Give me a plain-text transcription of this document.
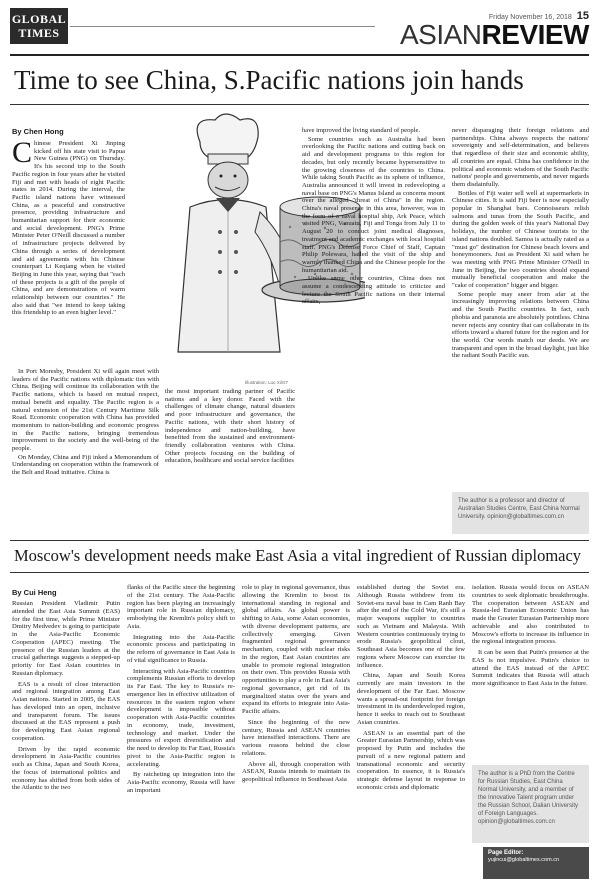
GLOBAL
TIMES
Friday November 16, 2018 15
ASIANREVIEW
Time to see China, S.Pacific nations join hands
By Chen Hong

Chinese President Xi Jinping kicked off his state visit to Papua New Guinea (PNG) on Thursday. It's his second trip to the South Pacific region in four years after he visited Fiji and met with heads of eight Pacific states in 2014. During the interval, the Pacific island nations have witnessed China, as a peaceful and constructive presence, providing infrastructure and humanitarian support for their economic and social development. PNG's Prime Minister Peter O'Neill discussed a number of infrastructure projects delivered by China through a series of development and aid agreements with his Chinese counterpart Li Keqiang when he visited Beijing in June this year, saying that "each of these projects is a gift of the people of China, and are demonstrations of warm relationship between our countries." He also said that "we intend to keep taking this friendship to an even higher level."

In Port Moresby, President Xi will again meet with leaders of the Pacific nations with diplomatic ties with China. Beijing will continue its collaboration with the Pacific nations, which is based on mutual respect, mutual benefit and equality. The Pacific region is a natural extension of the 21st Century Maritime Silk Road. Economic cooperation with China has provided momentum to nation-building and economic progress in the Pacific nations, bringing tremendous improvement to the society and the well-being of the people.

On Monday, China and Fiji inked a Memorandum of Understanding on cooperation within the framework of the Belt and Road initiative. China is

Illustration: Luo Xi/GT

the most important trading partner of Pacific nations and a key donor. Faced with the challenges of climate change, natural disasters and poor infrastructure and governance, the Pacific nations, with their short history of independence and nation-building, have benefited from the sustained and environment-friendly collaboration ventures with China. Other projects focusing on the building of education, healthcare and social service facilities

have improved the living standard of people.

Some countries such as Australia had been overlooking the Pacific nations and cutting back on aid and development programs to this region for decades, but only recently became hypersensitive to the growing closeness of the countries to China. While taking South Pacific as its sphere of influence, Australia announced it will invest in redeveloping a naval base on PNG's Manus Island as concerns mount over the alleged "threat of China" in the region. China's naval presence in this area, however, was in the form of a naval hospital ship, Ark Peace, which visited PNG, Vanuatu, Fiji and Tonga from July 11 to August 20 to conduct joint medical diagnoses, treatment and academic exchanges with local hospital staff. PNG's Defense Force Chief of Staff, Captain Philip Polewara, hailed the visit of the ship and warmly thanked China and the Chinese people for the humanitarian aid.

Unlike some other countries, China does not assume a condescending attitude to criticize and lecture the South Pacific nations on their internal affairs,

never disparaging their foreign relations and partnerships. China always respects the nations' sovereignty and self-determination, and believes that regardless of their size and economic ability, all countries are equal. China has confidence in the political and economic wisdom of the South Pacific nations' people and governments, and never regards them disdainfully.

Bottles of Fiji water sell well at supermarkets in Chinese cities. It is said Fiji beer is now especially popular in Shanghai bars. Connoisseurs relish salmons and tunas from the South Pacific, and during the golden week of this year's National Day holidays, the number of Chinese tourists to the island nations doubled. Samoa is actually rated as a "must go" destination for Chinese beach lovers and honeymooners. Just as President Xi said when he was meeting with PNG Prime Minister O'Neill in June in Beijing, the two countries should expand mutually beneficial cooperation and make the "cake of cooperation" bigger and bigger.

Some people may sneer from afar at the increasingly improving relations between China and the South Pacific countries. In fact, such phobia and paranoia are absolutely pointless. China never rejects any country that can collaborate in its efforts toward a shared future for the region and for the world. Our words match our deeds. We are transparent and open in the broad daylight, just like the radiant South Pacific sun.

The author is a professor and director of Australian Studies Centre, East China Normal University. opinion@globaltimes.com.cn
Moscow's development needs make East Asia a vital ingredient of Russian diplomacy
By Cui Heng

Russian President Vladimir Putin attended the East Asia Summit (EAS) for the first time, while Prime Minister Dmitry Medvedev is going to participate in the Asia-Pacific Economic Cooperation (APEC) meeting. The presence of the Russian leaders at the crucial gatherings suggests a stepped-up priority for East Asian countries in Russian diplomacy.

EAS is a result of close interaction and regional integration among East Asian nations. Started in 2005, the EAS has developed into an open, inclusive and transparent forum. The issues discussed at the EAS represent a push for developing East Asian regional cooperation.

Driven by the rapid economic development in Asia-Pacific countries such as China, Japan and South Korea, the focus of international politics and economy has shifted from both sides of the Atlantic to the two

flanks of the Pacific since the beginning of the 21st century. The Asia-Pacific region has been playing an increasingly important role in Russian diplomacy, embodying the Kremlin's policy shift to Asia.

Integrating into the Asia-Pacific economic process and participating in the reform of governance in East Asia is of vital significance to Russia.

Interacting with Asia-Pacific countries complements Russian efforts to develop its Far East. The key to Russia's re-emergence lies in effective utilization of resources in the eastern region where development is impossible without cooperation with Asia-Pacific countries in economy, trade, investment, technology and market. Under the pressures of export diversification and the need to develop its Far East, Russia's pivot to the Asia-Pacific region is accelerating.

By ratcheting up integration into the Asia-Pacific economy, Russia will have an important

role to play in regional governance, thus allowing the Kremlin to boost its international standing in regional and global affairs. As global power is shifting to Asia, some Asian economies, with diverse development patterns, are collectively emerging. Given fragmented regional governance mechanism, coupled with nuclear risks in the region, East Asian countries are unable to promote regional integration on their own. This provides Russia with opportunities to play a role in East Asia's regional governance, get rid of its marginalized status over the years and expand its efforts to integrate into Asia-Pacific affairs.

Since the beginning of the new century, Russia and ASEAN countries have intensified interactions. There are various reasons behind the close relations.

Above all, through cooperation with ASEAN, Russia intends to maintain its geopolitical influence in Southeast Asia

established during the Soviet era. Although Russia withdrew from its Soviet-era naval base in Cam Ranh Bay after the end of the Cold War, it's still a major weapons supplier to countries such as Vietnam and Malaysia. With Western countries continuously trying to erode Russia's geopolitical clout, Southeast Asia becomes one of the few regions where Moscow can exercise its influence.

China, Japan and South Korea currently are main investors in the development of the Far East. Moscow wants a spread-out footprint for foreign investment in its underdeveloped region, hence it seeks to reach out to Southeast Asian countries.

ASEAN is an essential part of the Greater Eurasian Partnership, which was proposed by Putin and includes the pursuit of a new regional pattern and transnational economic and security cooperation. In essence, it is Russia's strategic defense layout in response to economic crisis and diplomatic

isolation. Russia would focus on ASEAN countries to seek diplomatic breakthroughs. The cooperation between ASEAN and Russia-led Eurasian Economic Union has made the Greater Eurasian Partnership more achievable and also contributed to Moscow's efforts to increase its influence in the regional integration process.

It can be seen that Putin's presence at the EAS is not impulsive. Putin's choice to attend the EAS instead of the APEC Summit indicates that Russia will attach more significance to East Asia in the future.

The author is a PhD from the Centre for Russian Studies, East China Normal University, and a member of the Innovative Talent program under the Russian School, Dalian University of Foreign Languages. opinion@globaltimes.com.cn
Page Editor:
yujincui@globaltimes.com.cn
